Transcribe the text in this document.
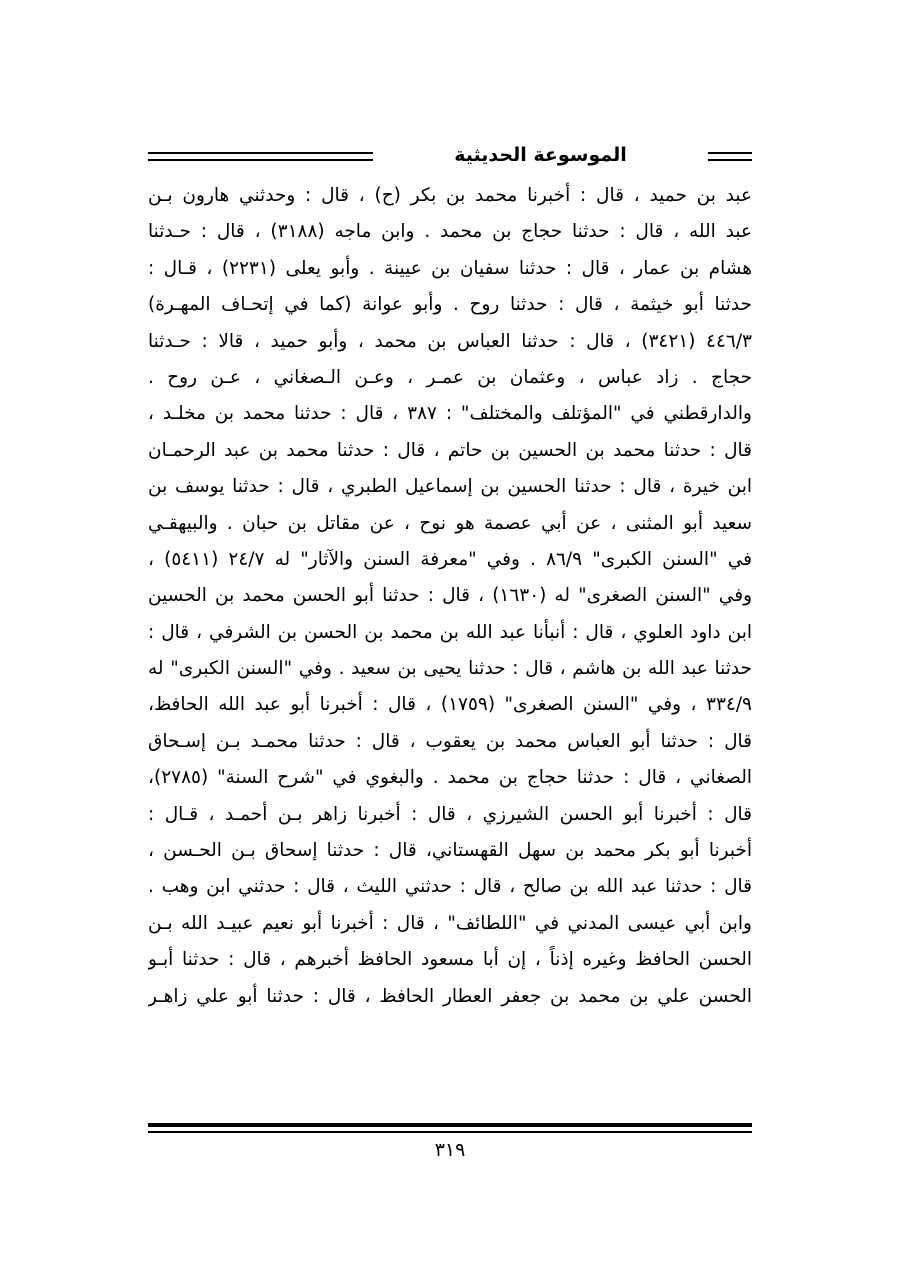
الموسوعة الحديثية
عبد بن حميد ، قال : أخبرنا محمد بن بكر (ح) ، قال : وحدثني هارون بـن
عبد الله ، قال : حدثنا حجاج بن محمد . وابن ماجه (٣١٨٨) ، قال : حـدثنا
هشام بن عمار ، قال : حدثنا سفيان بن عيينة . وأبو يعلى (٢٢٣١) ، قـال :
حدثنا أبو خيثمة ، قال : حدثنا روح . وأبو عوانة (كما في إتحـاف المهـرة)
٤٤٦/٣ (٣٤٢١) ، قال : حدثنا العباس بن محمد ، وأبو حميد ، قالا : حـدثنا
حجاج . زاد عباس ، وعثمان بن عمـر ، وعـن الـصغاني ، عـن روح .
والدارقطني في "المؤتلف والمختلف" : ٣٨٧ ، قال : حدثنا محمد بن مخلـد ،
قال : حدثنا محمد بن الحسين بن حاتم ، قال : حدثنا محمد بن عبد الرحمـان
ابن خيرة ، قال : حدثنا الحسين بن إسماعيل الطبري ، قال : حدثنا يوسف بن
سعيد أبو المثنى ، عن أبي عصمة هو نوح ، عن مقاتل بن حبان . والبيهقـي
في "السنن الكبرى" ٨٦/٩ . وفي "معرفة السنن والآثار" له ٢٤/٧ (٥٤١١) ،
وفي "السنن الصغرى" له (١٦٣٠) ، قال : حدثنا أبو الحسن محمد بن الحسين
ابن داود العلوي ، قال : أنبأنا عبد الله بن محمد بن الحسن بن الشرفي ، قال :
حدثنا عبد الله بن هاشم ، قال : حدثنا يحيى بن سعيد . وفي "السنن الكبرى" له
٣٣٤/٩ ، وفي "السنن الصغرى" (١٧٥٩) ، قال : أخبرنا أبو عبد الله الحافظ،
قال : حدثنا أبو العباس محمد بن يعقوب ، قال : حدثنا محمـد بـن إسـحاق
الصغاني ، قال : حدثنا حجاج بن محمد . والبغوي في "شرح السنة" (٢٧٨٥)،
قال : أخبرنا أبو الحسن الشيرزي ، قال : أخبرنا زاهر بـن أحمـد ، قـال :
أخبرنا أبو بكر محمد بن سهل القهستاني، قال : حدثنا إسحاق بـن الحـسن ،
قال : حدثنا عبد الله بن صالح ، قال : حدثني الليث ، قال : حدثني ابن وهب .
وابن أبي عيسى المدني في "اللطائف" ، قال : أخبرنا أبو نعيم عبيـد الله بـن
الحسن الحافظ وغيره إذناً ، إن أبا مسعود الحافظ أخبرهم ، قال : حدثنا أبـو
الحسن علي بن محمد بن جعفر العطار الحافظ ، قال : حدثنا أبو علي زاهـر
٣١٩
